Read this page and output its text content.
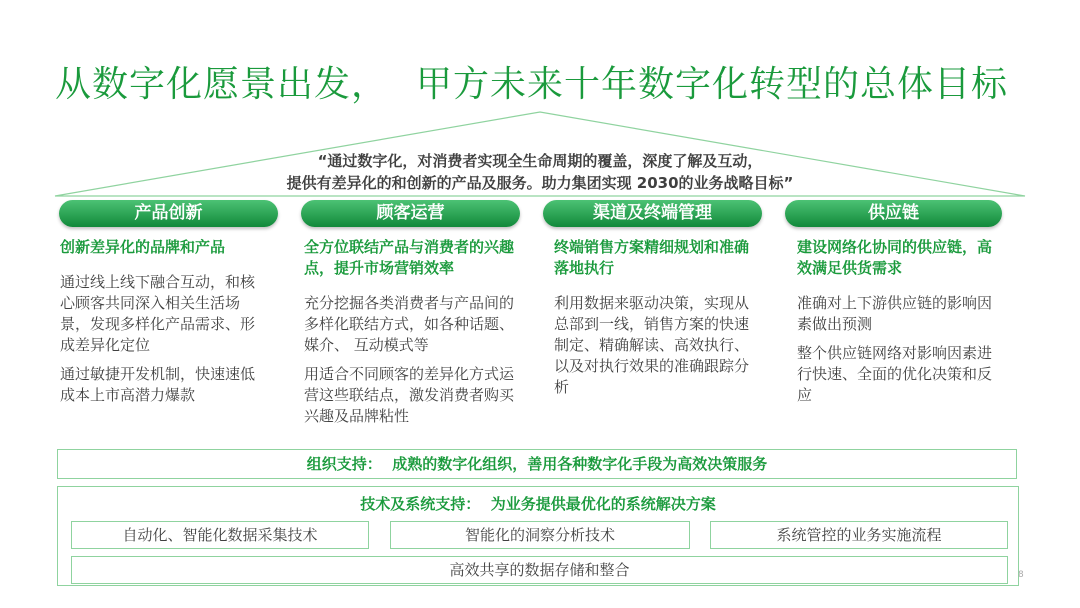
从数字化愿景出发， 甲方未来十年数字化转型的总体目标
“通过数字化，对消费者实现全生命周期的覆盖，深度了解及互动，
提供有差异化的和创新的产品及服务。助力集团实现 2030的业务战略目标”
产品创新	顾客运营	渠道及终端管理	供应链
创新差异化的品牌和产品

通过线上线下融合互动，和核心顾客共同深入相关生活场景，发现多样化产品需求、形成差异化定位

通过敏捷开发机制，快速速低成本上市高潜力爆款

全方位联结产品与消费者的兴趣点，提升市场营销效率

充分挖掘各类消费者与产品间的多样化联结方式，如各种话题、媒介、 互动模式等

用适合不同顾客的差异化方式运营这些联结点，激发消费者购买兴趣及品牌粘性

终端销售方案精细规划和准确落地执行

利用数据来驱动决策，实现从总部到一线，销售方案的快速制定、精确解读、高效执行、 以及对执行效果的准确跟踪分析

建设网络化协同的供应链，高效满足供货需求

准确对上下游供应链的影响因素做出预测

整个供应链网络对影响因素进行快速、全面的优化决策和反应

组织支持： 成熟的数字化组织，善用各种数字化手段为高效决策服务
技术及系统支持： 为业务提供最优化的系统解决方案
自动化、智能化数据采集技术	智能化的洞察分析技术	系统管控的业务实施流程
高效共享的数据存储和整合	8
